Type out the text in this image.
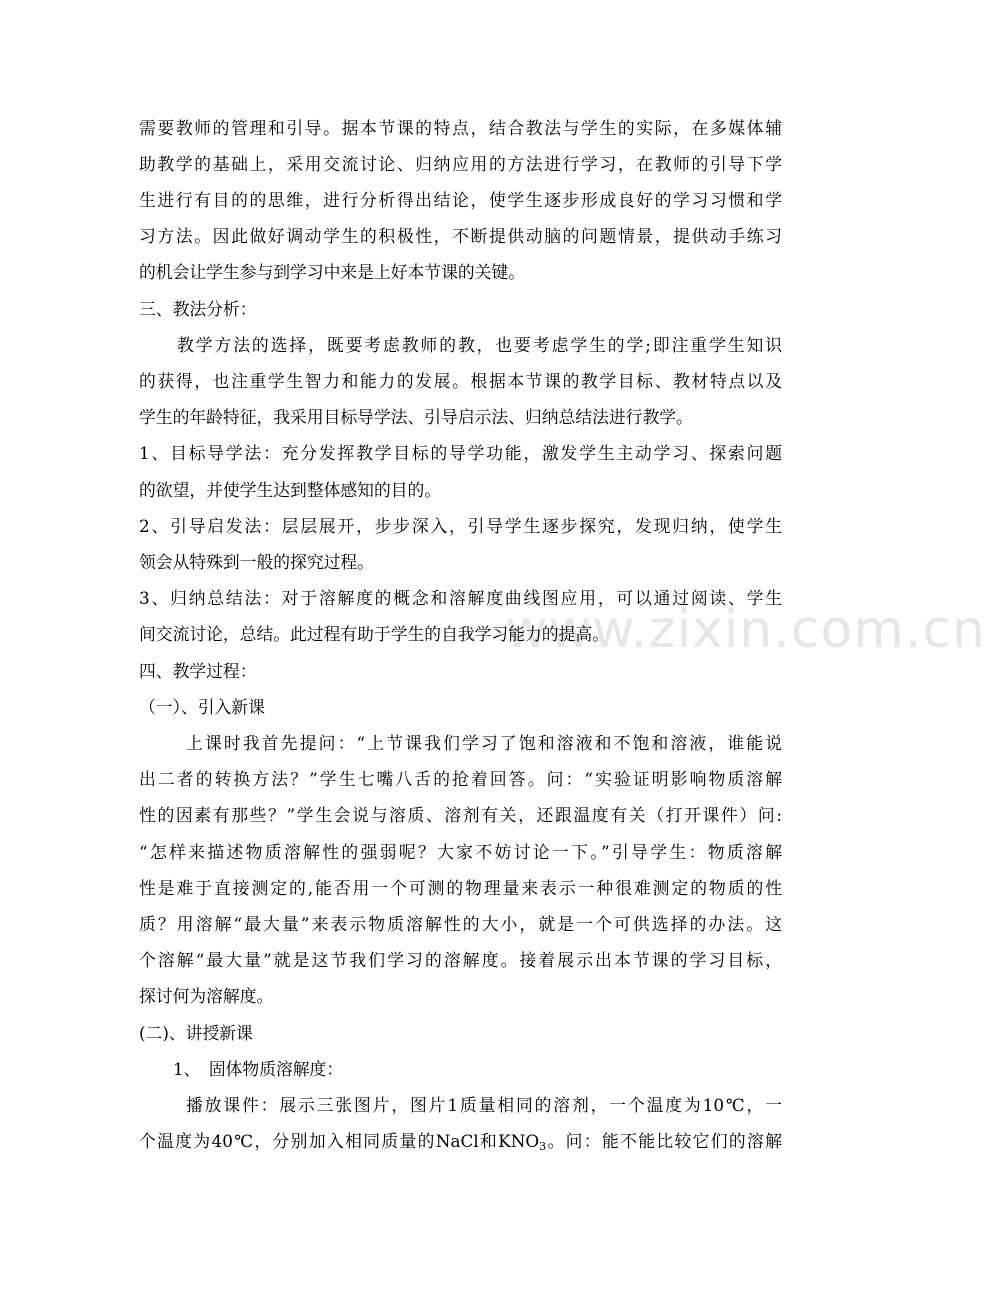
www.zixin.com.cn
需要教师的管理和引导。据本节课的特点，结合教法与学生的实际，在多媒体辅
助教学的基础上，采用交流讨论、归纳应用的方法进行学习，在教师的引导下学
生进行有目的的思维，进行分析得出结论，使学生逐步形成良好的学习习惯和学
习方法。因此做好调动学生的积极性，不断提供动脑的问题情景，提供动手练习
的机会让学生参与到学习中来是上好本节课的关键。
三、教法分析：
教学方法的选择，既要考虑教师的教，也要考虑学生的学;即注重学生知识
的获得，也注重学生智力和能力的发展。根据本节课的教学目标、教材特点以及
学生的年龄特征，我采用目标导学法、引导启示法、归纳总结法进行教学。
1、目标导学法：充分发挥教学目标的导学功能，激发学生主动学习、探索问题
的欲望，并使学生达到整体感知的目的。
2、引导启发法：层层展开，步步深入，引导学生逐步探究，发现归纳，使学生
领会从特殊到一般的探究过程。
3、归纳总结法：对于溶解度的概念和溶解度曲线图应用，可以通过阅读、学生
间交流讨论，总结。此过程有助于学生的自我学习能力的提高。
四、教学过程：
（一）、引入新课
上课时我首先提问：“上节课我们学习了饱和溶液和不饱和溶液，谁能说
出二者的转换方法？”学生七嘴八舌的抢着回答。问：“实验证明影响物质溶解
性的因素有那些？”学生会说与溶质、溶剂有关，还跟温度有关（打开课件）问:
“怎样来描述物质溶解性的强弱呢？大家不妨讨论一下。”引导学生：物质溶解
性是难于直接测定的,能否用一个可测的物理量来表示一种很难测定的物质的性
质？用溶解“最大量”来表示物质溶解性的大小，就是一个可供选择的办法。这
个溶解“最大量”就是这节我们学习的溶解度。接着展示出本节课的学习目标，
探讨何为溶解度。
(二)、讲授新课
1、　固体物质溶解度：
播放课件：展示三张图片，图片1质量相同的溶剂，一个温度为10℃，一
个温度为40℃，分别加入相同质量的NaCl和$KNO_3$。问：能不能比较它们的溶解
